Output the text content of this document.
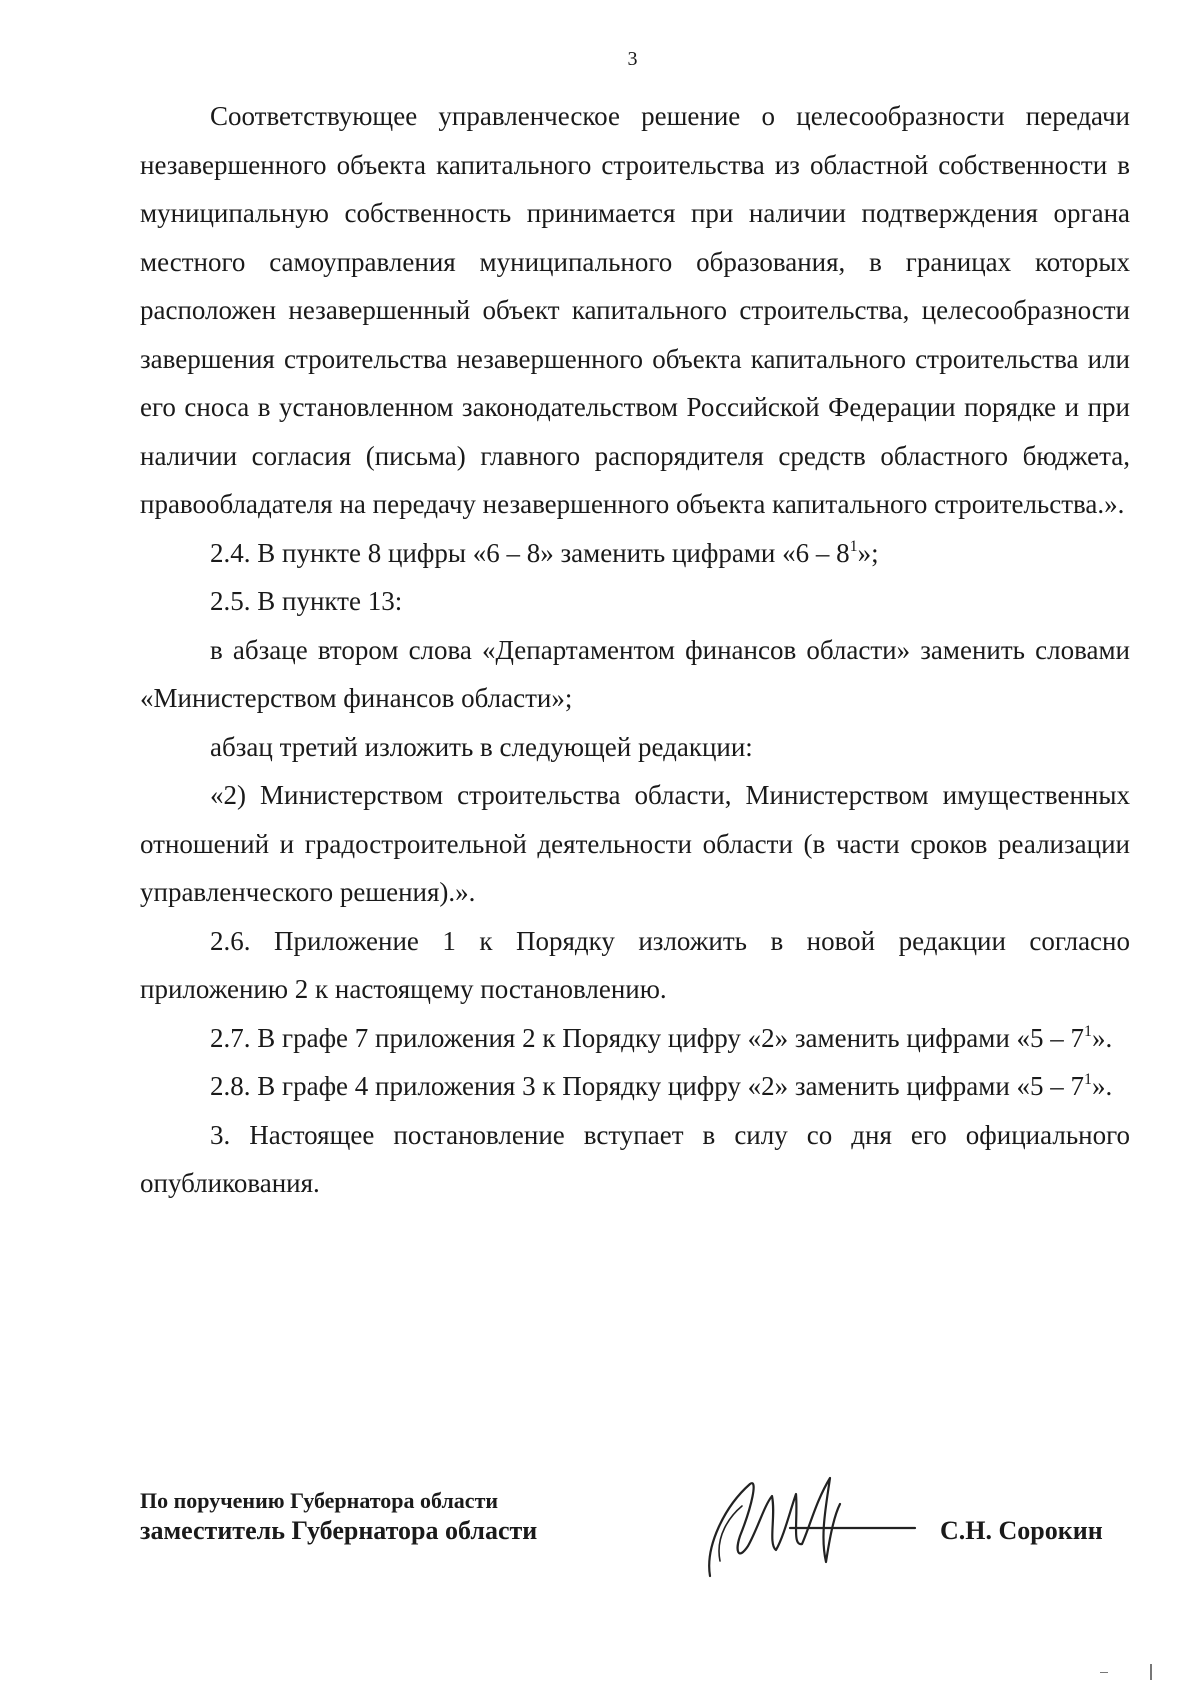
3

Соответствующее управленческое решение о целесообразности передачи незавершенного объекта капитального строительства из областной собственности в муниципальную собственность принимается при наличии подтверждения органа местного самоуправления муниципального образования, в границах которых расположен незавершенный объект капитального строительства, целесообразности завершения строительства незавершенного объекта капитального строительства или его сноса в установленном законодательством Российской Федерации порядке и при наличии согласия (письма) главного распорядителя средств областного бюджета, правообладателя на передачу незавершенного объекта капитального строительства.».

2.4. В пункте 8 цифры «6 – 8» заменить цифрами «$6 - 8^1$»;

2.5. В пункте 13:

в абзаце втором слова «Департаментом финансов области» заменить словами «Министерством финансов области»;

абзац третий изложить в следующей редакции:

«2) Министерством строительства области, Министерством имущественных отношений и градостроительной деятельности области (в части сроков реализации управленческого решения).».

2.6. Приложение 1 к Порядку изложить в новой редакции согласно приложению 2 к настоящему постановлению.

2.7. В графе 7 приложения 2 к Порядку цифру «2» заменить цифрами «$5 - 7^1$».

2.8. В графе 4 приложения 3 к Порядку цифру «2» заменить цифрами «$5 - 7^1$».

3. Настоящее постановление вступает в силу со дня его официального опубликования.

По поручению Губернатора области
заместитель Губернатора области	С.Н. Сорокин
